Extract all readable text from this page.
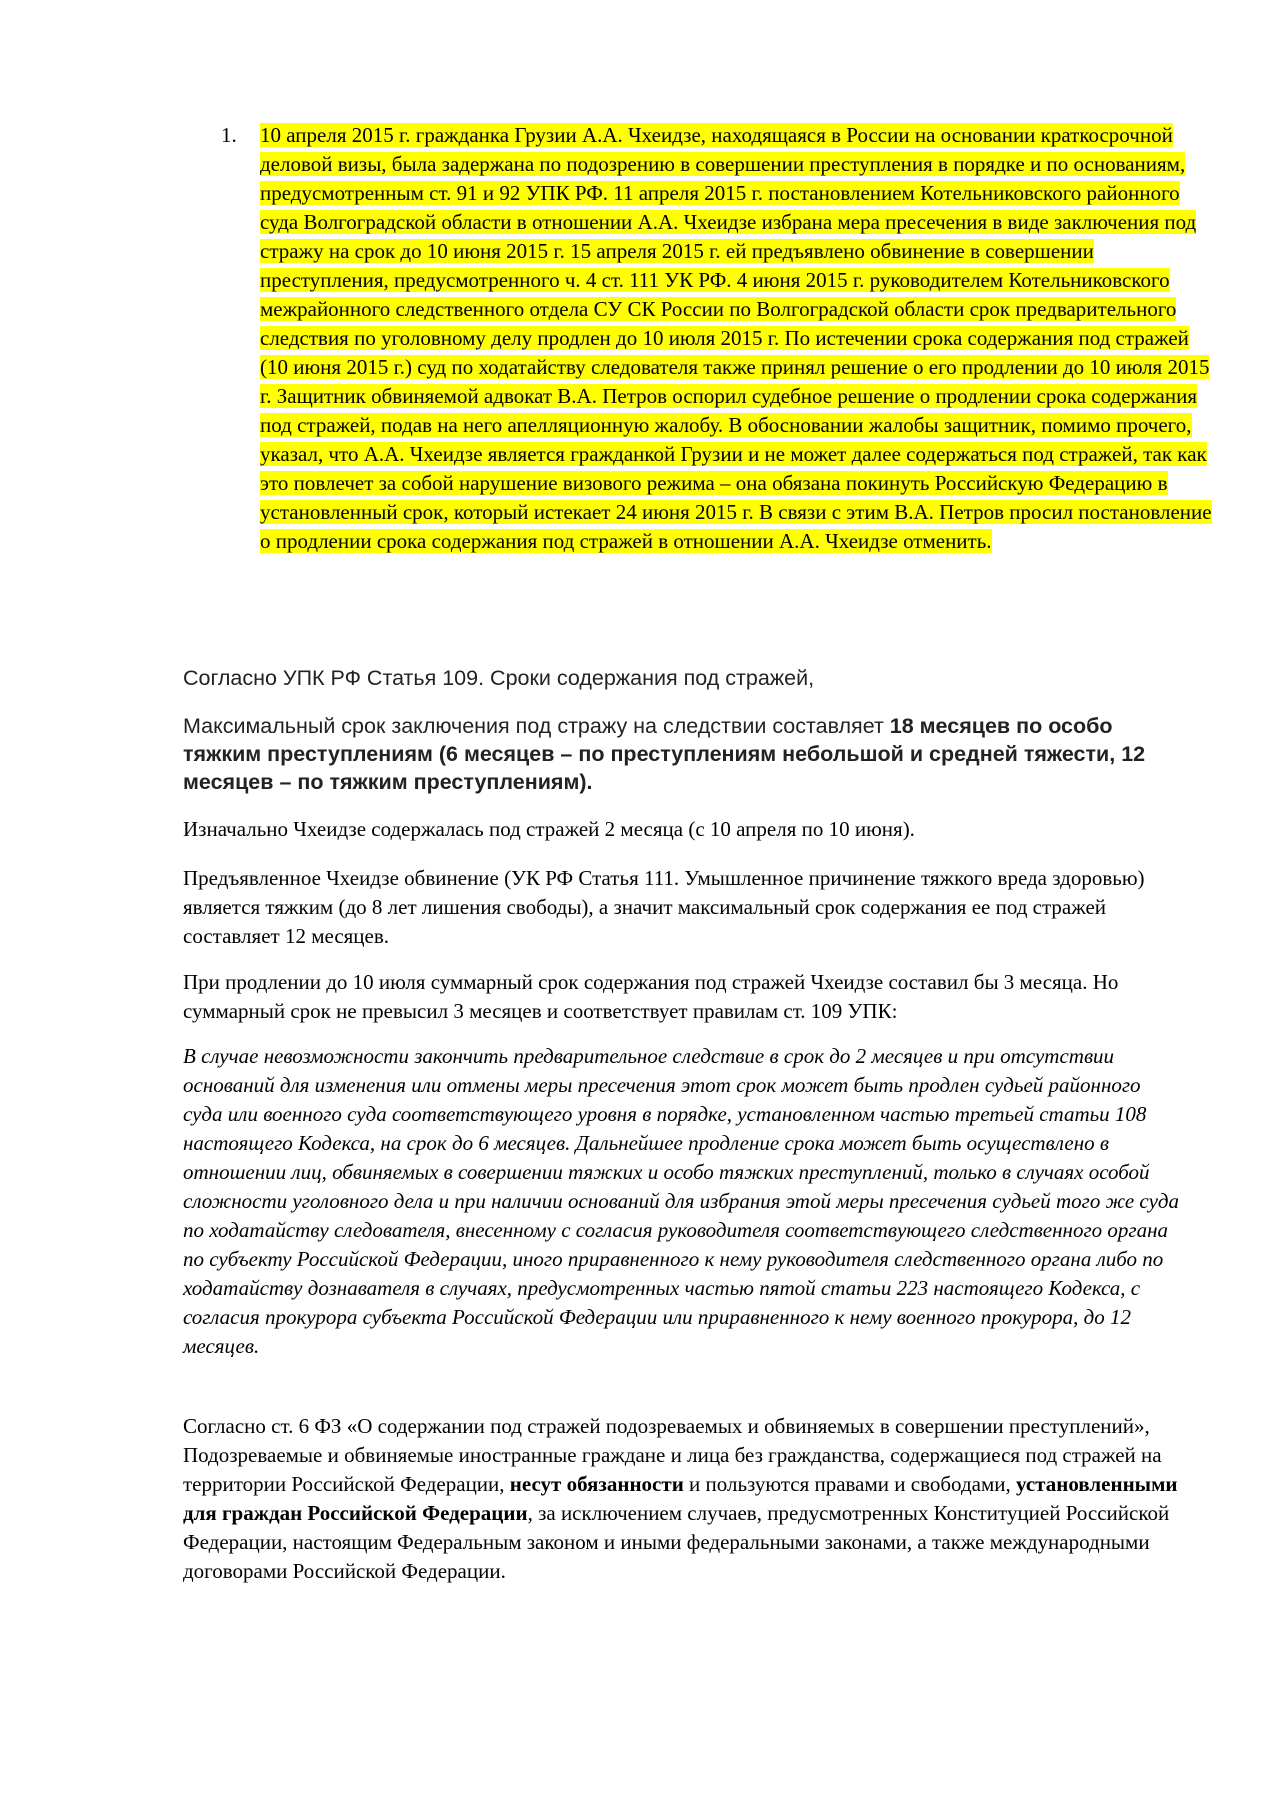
1.	10 апреля 2015 г. гражданка Грузии А.А. Чхеидзе, находящаяся в России на основании краткосрочной деловой визы, была задержана по подозрению в совершении преступления в порядке и по основаниям, предусмотренным ст. 91 и 92 УПК РФ. 11 апреля 2015 г. постановлением Котельниковского районного суда Волгоградской области в отношении А.А. Чхеидзе избрана мера пресечения в виде заключения под стражу на срок до 10 июня 2015 г. 15 апреля 2015 г. ей предъявлено обвинение в совершении преступления, предусмотренного ч. 4 ст. 111 УК РФ. 4 июня 2015 г. руководителем Котельниковского межрайонного следственного отдела СУ СК России по Волгоградской области срок предварительного следствия по уголовному делу продлен до 10 июля 2015 г. По истечении срока содержания под стражей (10 июня 2015 г.) суд по ходатайству следователя также принял решение о его продлении до 10 июля 2015 г. Защитник обвиняемой адвокат В.А. Петров оспорил судебное решение о продлении срока содержания под стражей, подав на него апелляционную жалобу. В обосновании жалобы защитник, помимо прочего, указал, что А.А. Чхеидзе является гражданкой Грузии и не может далее содержаться под стражей, так как это повлечет за собой нарушение визового режима – она обязана покинуть Российскую Федерацию в установленный срок, который истекает 24 июня 2015 г. В связи с этим В.А. Петров просил постановление о продлении срока содержания под стражей в отношении А.А. Чхеидзе отменить.

Согласно УПК РФ Статья 109. Сроки содержания под стражей,

Максимальный срок заключения под стражу на следствии составляет 18 месяцев по особо тяжким преступлениям (6 месяцев – по преступлениям небольшой и средней тяжести, 12 месяцев – по тяжким преступлениям).

Изначально Чхеидзе содержалась под стражей 2 месяца (с 10 апреля по 10 июня).

Предъявленное Чхеидзе обвинение (УК РФ Статья 111. Умышленное причинение тяжкого вреда здоровью) является тяжким (до 8 лет лишения свободы), а значит максимальный срок содержания ее под стражей составляет 12 месяцев.

При продлении до 10 июля суммарный срок содержания под стражей Чхеидзе составил бы 3 месяца. Но суммарный срок не превысил 3 месяцев и соответствует правилам ст. 109 УПК:

В случае невозможности закончить предварительное следствие в срок до 2 месяцев и при отсутствии оснований для изменения или отмены меры пресечения этот срок может быть продлен судьей районного суда или военного суда соответствующего уровня в порядке, установленном частью третьей статьи 108 настоящего Кодекса, на срок до 6 месяцев. Дальнейшее продление срока может быть осуществлено в отношении лиц, обвиняемых в совершении тяжких и особо тяжких преступлений, только в случаях особой сложности уголовного дела и при наличии оснований для избрания этой меры пресечения судьей того же суда по ходатайству следователя, внесенному с согласия руководителя соответствующего следственного органа по субъекту Российской Федерации, иного приравненного к нему руководителя следственного органа либо по ходатайству дознавателя в случаях, предусмотренных частью пятой статьи 223 настоящего Кодекса, с согласия прокурора субъекта Российской Федерации или приравненного к нему военного прокурора, до 12 месяцев.

Согласно ст. 6 ФЗ «О содержании под стражей подозреваемых и обвиняемых в совершении преступлений», Подозреваемые и обвиняемые иностранные граждане и лица без гражданства, содержащиеся под стражей на территории Российской Федерации, несут обязанности и пользуются правами и свободами, установленными для граждан Российской Федерации, за исключением случаев, предусмотренных Конституцией Российской Федерации, настоящим Федеральным законом и иными федеральными законами, а также международными договорами Российской Федерации.
